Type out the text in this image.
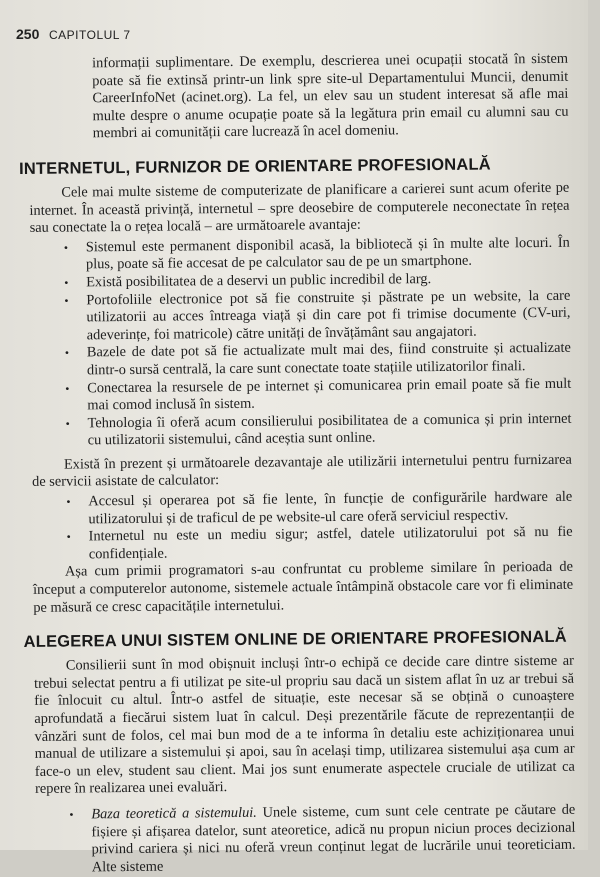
250 CAPITOLUL 7

informații suplimentare. De exemplu, descrierea unei ocupații stocată în sistem poate să fie extinsă printr-un link spre site-ul Departamentului Muncii, denumit CareerInfoNet (acinet.org). La fel, un elev sau un student interesat să afle mai multe despre o anume ocupație poate să la legătura prin email cu alumni sau cu membri ai comunității care lucrează în acel domeniu.

INTERNETUL, FURNIZOR DE ORIENTARE PROFESIONALĂ

Cele mai multe sisteme de computerizate de planificare a carierei sunt acum oferite pe internet. În această privință, internetul – spre deosebire de computerele neconectate în rețea sau conectate la o rețea locală – are următoarele avantaje:

• Sistemul este permanent disponibil acasă, la bibliotecă și în multe alte locuri. În plus, poate să fie accesat de pe calculator sau de pe un smartphone.
• Există posibilitatea de a deservi un public incredibil de larg.
• Portofoliile electronice pot să fie construite și păstrate pe un website, la care utilizatorii au acces întreaga viață și din care pot fi trimise documente (CV-uri, adeverințe, foi matricole) către unități de învățământ sau angajatori.
• Bazele de date pot să fie actualizate mult mai des, fiind construite și actualizate dintr-o sursă centrală, la care sunt conectate toate stațiile utilizatorilor finali.
• Conectarea la resursele de pe internet și comunicarea prin email poate să fie mult mai comod inclusă în sistem.
• Tehnologia îi oferă acum consilierului posibilitatea de a comunica și prin internet cu utilizatorii sistemului, când aceștia sunt online.

Există în prezent și următoarele dezavantaje ale utilizării internetului pentru furnizarea de servicii asistate de calculator:

• Accesul și operarea pot să fie lente, în funcție de configurările hardware ale utilizatorului și de traficul de pe website-ul care oferă serviciul respectiv.
• Internetul nu este un mediu sigur; astfel, datele utilizatorului pot să nu fie confidențiale.

Așa cum primii programatori s-au confruntat cu probleme similare în perioada de început a computerelor autonome, sistemele actuale întâmpină obstacole care vor fi eliminate pe măsură ce cresc capacitățile internetului.

ALEGEREA UNUI SISTEM ONLINE DE ORIENTARE PROFESIONALĂ

Consilierii sunt în mod obișnuit incluși într-o echipă ce decide care dintre sisteme ar trebui selectat pentru a fi utilizat pe site-ul propriu sau dacă un sistem aflat în uz ar trebui să fie înlocuit cu altul. Într-o astfel de situație, este necesar să se obțină o cunoaștere aprofundată a fiecărui sistem luat în calcul. Deși prezentările făcute de reprezentanții de vânzări sunt de folos, cel mai bun mod de a te informa în detaliu este achiziționarea unui manual de utilizare a sistemului și apoi, sau în același timp, utilizarea sistemului așa cum ar face-o un elev, student sau client. Mai jos sunt enumerate aspectele cruciale de utilizat ca repere în realizarea unei evaluări.

• Baza teoretică a sistemului. Unele sisteme, cum sunt cele centrate pe căutare de fișiere și afișarea datelor, sunt ateoretice, adică nu propun niciun proces decizional privind cariera și nici nu oferă vreun conținut legat de lucrările unui teoreticiam. Alte sisteme
